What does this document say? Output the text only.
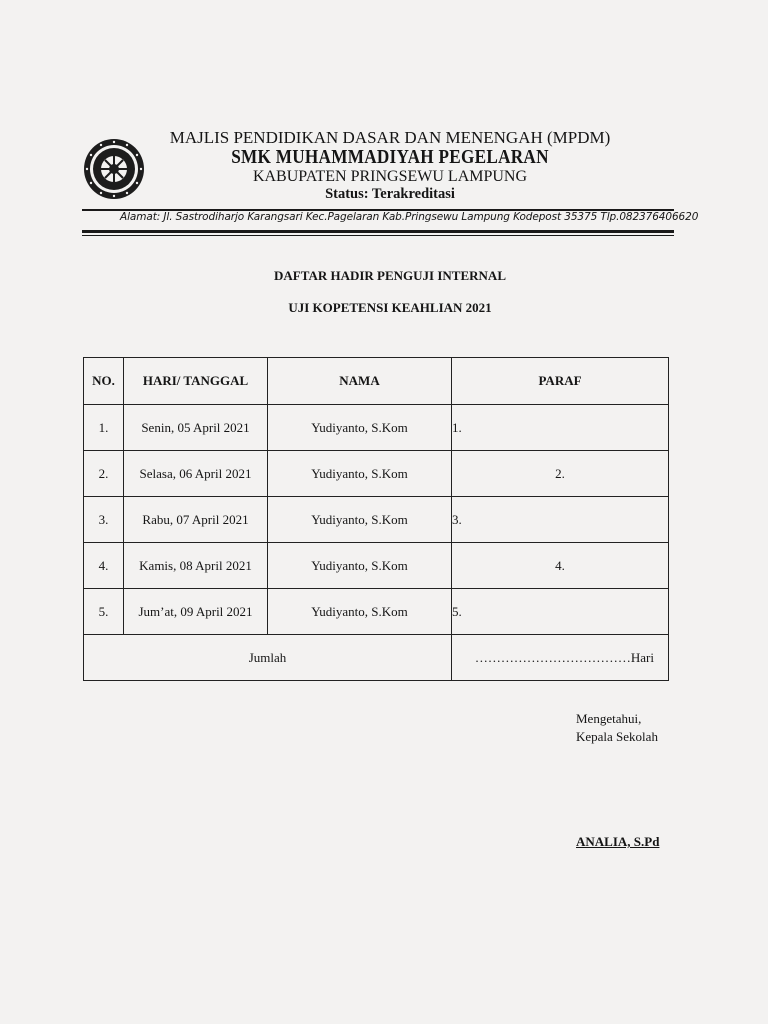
MAJLIS PENDIDIKAN DASAR DAN MENENGAH (MPDM)
SMK MUHAMMADIYAH PEGELARAN
KABUPATEN PRINGSEWU LAMPUNG
Status: Terakreditasi
Alamat: Jl. Sastrodiharjo Karangsari Kec.Pagelaran Kab.Pringsewu Lampung Kodepost 35375 Tlp.082376406620
DAFTAR HADIR PENGUJI INTERNAL
UJI KOPETENSI KEAHLIAN 2021
NO.	HARI/ TANGGAL	NAMA	PARAF
1.	Senin, 05 April 2021	Yudiyanto, S.Kom	1.
2.	Selasa, 06 April 2021	Yudiyanto, S.Kom	2.

3.	Rabu, 07 April 2021	Yudiyanto, S.Kom	3.
4.	Kamis, 08 April 2021	Yudiyanto, S.Kom	4.

5.	Jum’at, 09 April 2021	Yudiyanto, S.Kom	5.
Jumlah			………………………………Hari
Mengetahui,
Kepala Sekolah
ANALIA, S.Pd
